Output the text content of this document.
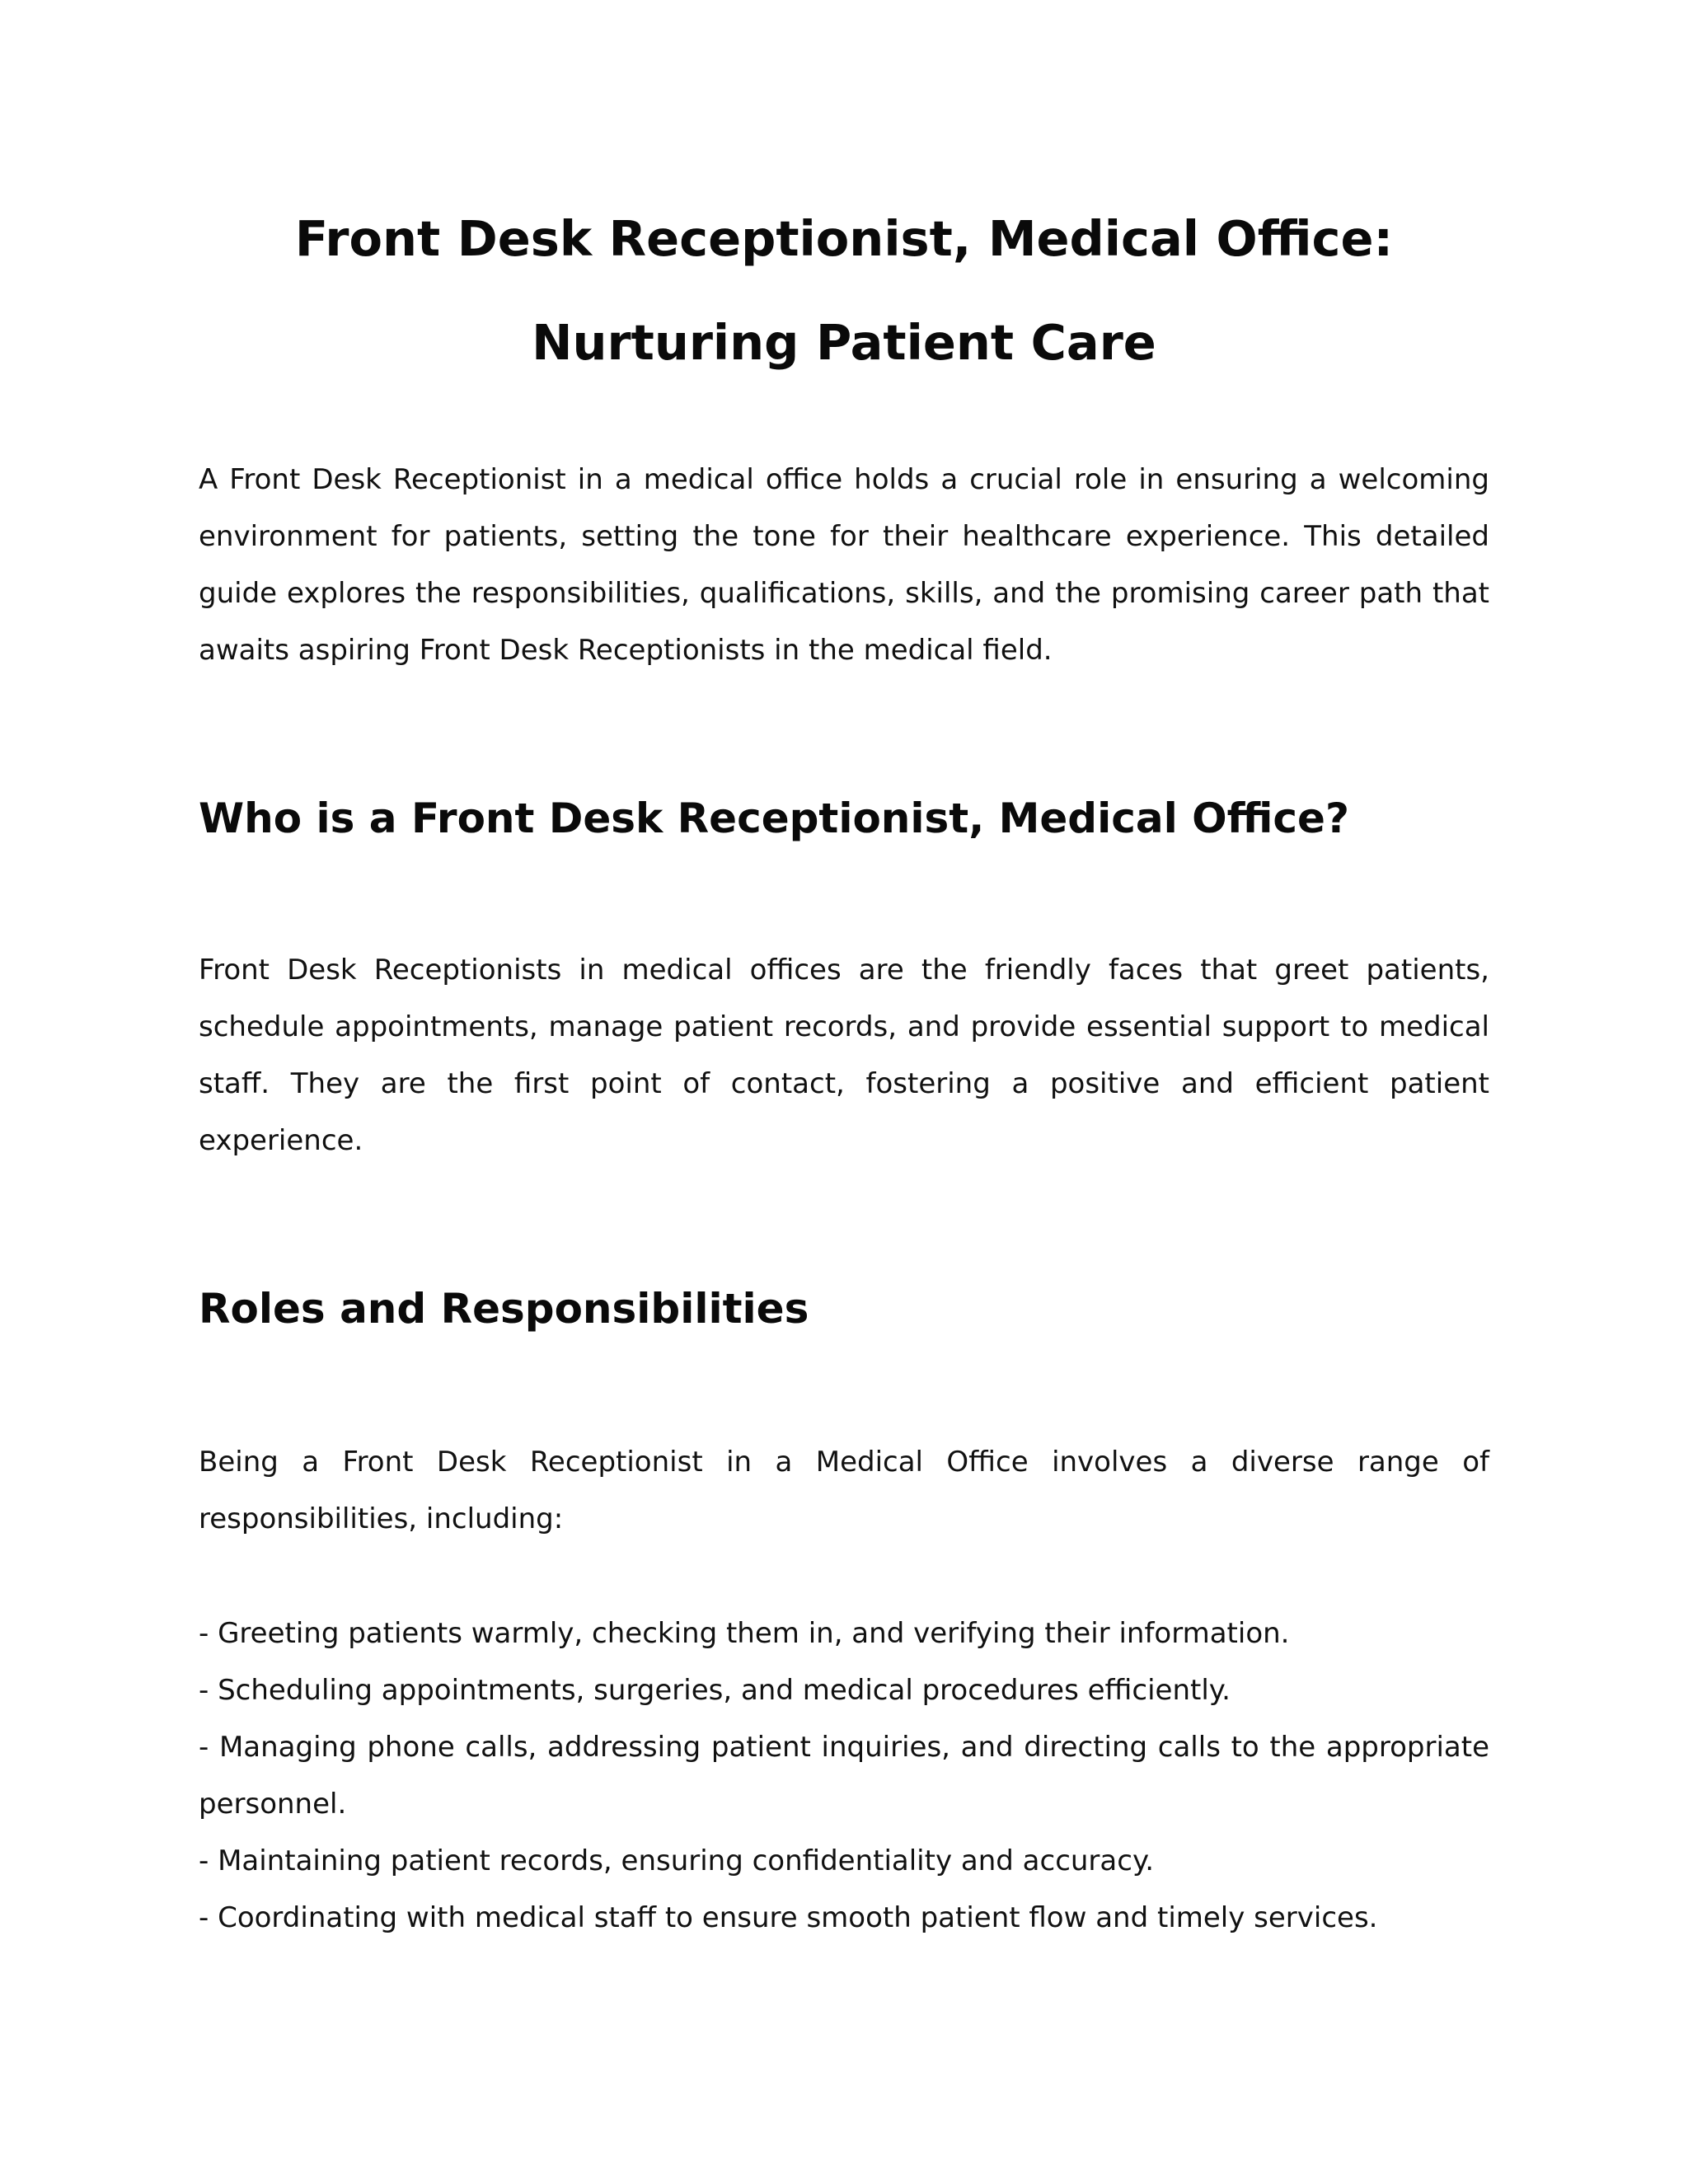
Front Desk Receptionist, Medical Office:
Nurturing Patient Care

A Front Desk Receptionist in a medical office holds a crucial role in ensuring a welcoming environment for patients, setting the tone for their healthcare experience. This detailed guide explores the responsibilities, qualifications, skills, and the promising career path that awaits aspiring Front Desk Receptionists in the medical field.

Who is a Front Desk Receptionist, Medical Office?

Front Desk Receptionists in medical offices are the friendly faces that greet patients, schedule appointments, manage patient records, and provide essential support to medical staff. They are the first point of contact, fostering a positive and efficient patient experience.

Roles and Responsibilities

Being a Front Desk Receptionist in a Medical Office involves a diverse range of responsibilities, including:

- Greeting patients warmly, checking them in, and verifying their information.
- Scheduling appointments, surgeries, and medical procedures efficiently.
- Managing phone calls, addressing patient inquiries, and directing calls to the appropriate personnel.
- Maintaining patient records, ensuring confidentiality and accuracy.
- Coordinating with medical staff to ensure smooth patient flow and timely services.
